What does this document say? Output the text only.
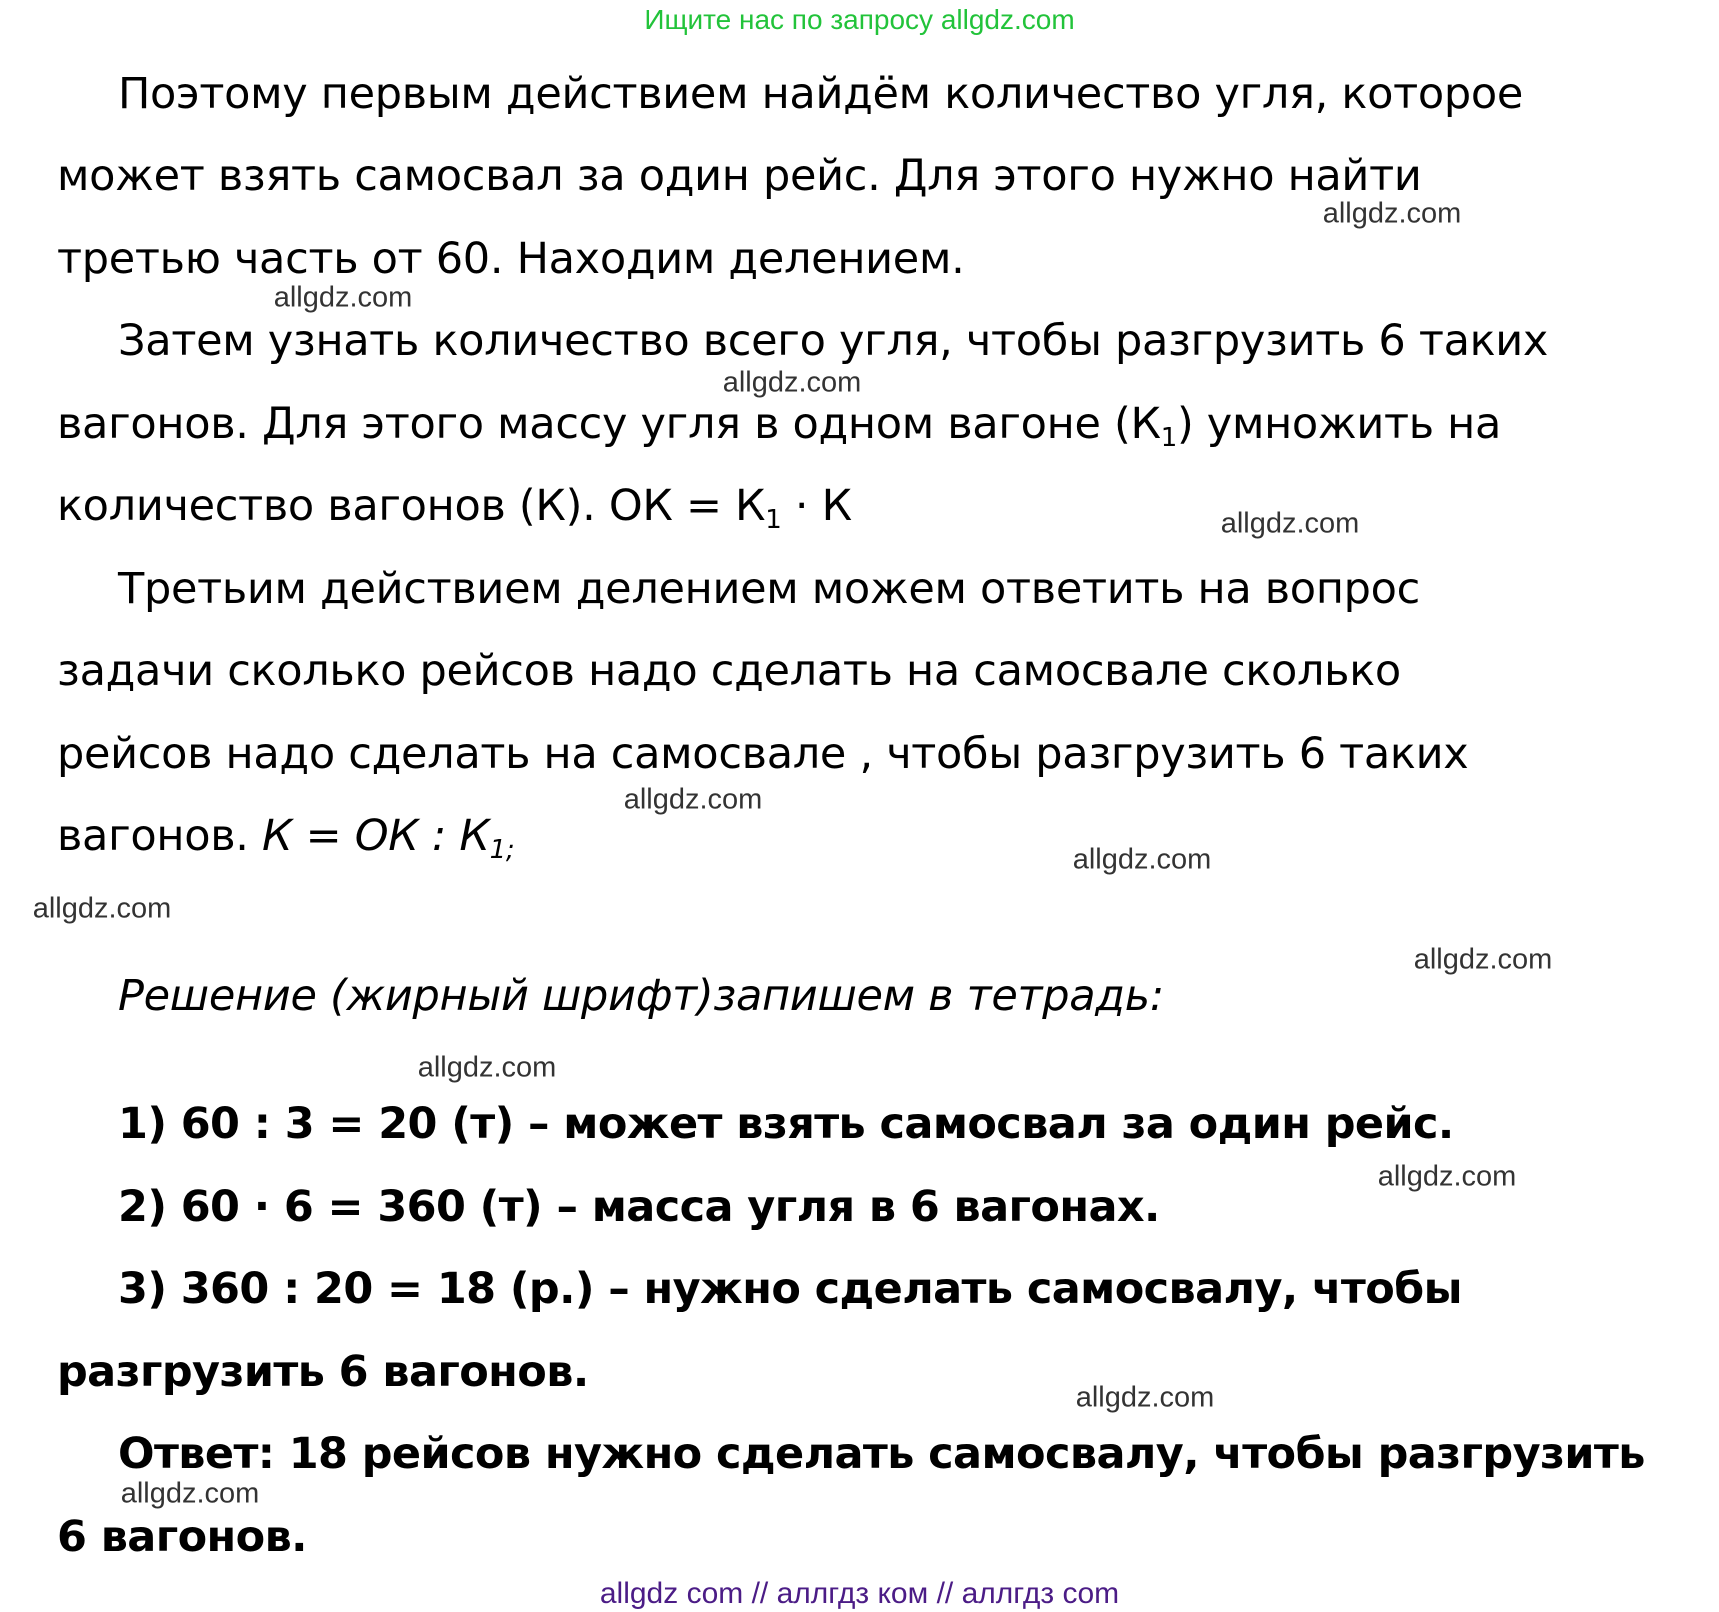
Ищите нас по запросу allgdz.com
Поэтому первым действием найдём количество угля, которое
может взять самосвал за один рейс. Для этого нужно найти
третью часть от 60. Находим делением.
Затем узнать количество всего угля, чтобы разгрузить 6 таких
вагонов. Для этого массу угля в одном вагоне $(К_1)$ умножить на
количество вагонов (К). ОК = $К_1 \cdot К$
Третьим действием делением можем ответить на вопрос
задачи сколько рейсов надо сделать на самосвале сколько
рейсов надо сделать на самосвале , чтобы разгрузить 6 таких
вагонов. К = ОК : $К_{1;}$
Решение (жирный шрифт)запишем в тетрадь:
1) 60 : 3 = 20 (т) – может взять самосвал за один рейс.
2) 60 · 6 = 360 (т) – масса угля в 6 вагонах.
3) 360 : 20 = 18 (р.) – нужно сделать самосвалу, чтобы
разгрузить 6 вагонов.
Ответ: 18 рейсов нужно сделать самосвалу, чтобы разгрузить
6 вагонов.
allgdz.com
allgdz.com
allgdz.com
allgdz.com
allgdz.com
allgdz.com
allgdz.com
allgdz.com
allgdz.com
allgdz.com
allgdz.com
allgdz.com
allgdz com // аллгдз ком // аллгдз com
